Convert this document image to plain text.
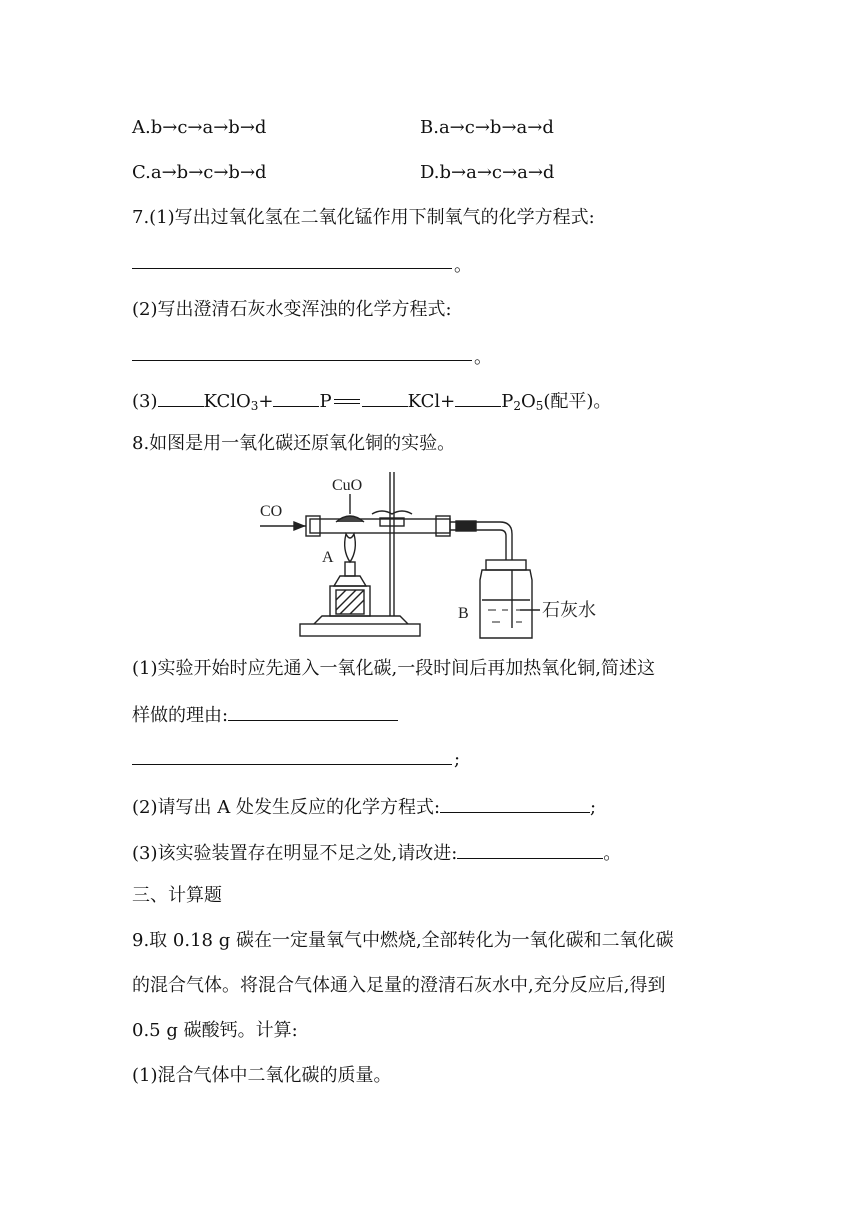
A.b→c→a→b→d	B.a→c→b→a→d
C.a→b→c→b→d	D.b→a→c→a→d
7.(1)写出过氧化氢在二氧化锰作用下制氧气的化学方程式:
。
(2)写出澄清石灰水变浑浊的化学方程式:
。
(3)	KClO$_3$+	P	KCl+	$P_2O_5$(配平)。
8.如图是用一氧化碳还原氧化铜的实验。
CO
CuO
A
B	石灰水
(1)实验开始时应先通入一氧化碳,一段时间后再加热氧化铜,简述这
样做的理由:
;
(2)请写出 A 处发生反应的化学方程式:	;
(3)该实验装置存在明显不足之处,请改进:	。
三、计算题
9.取 0.18 g 碳在一定量氧气中燃烧,全部转化为一氧化碳和二氧化碳
的混合气体。将混合气体通入足量的澄清石灰水中,充分反应后,得到
0.5 g 碳酸钙。计算:
(1)混合气体中二氧化碳的质量。
